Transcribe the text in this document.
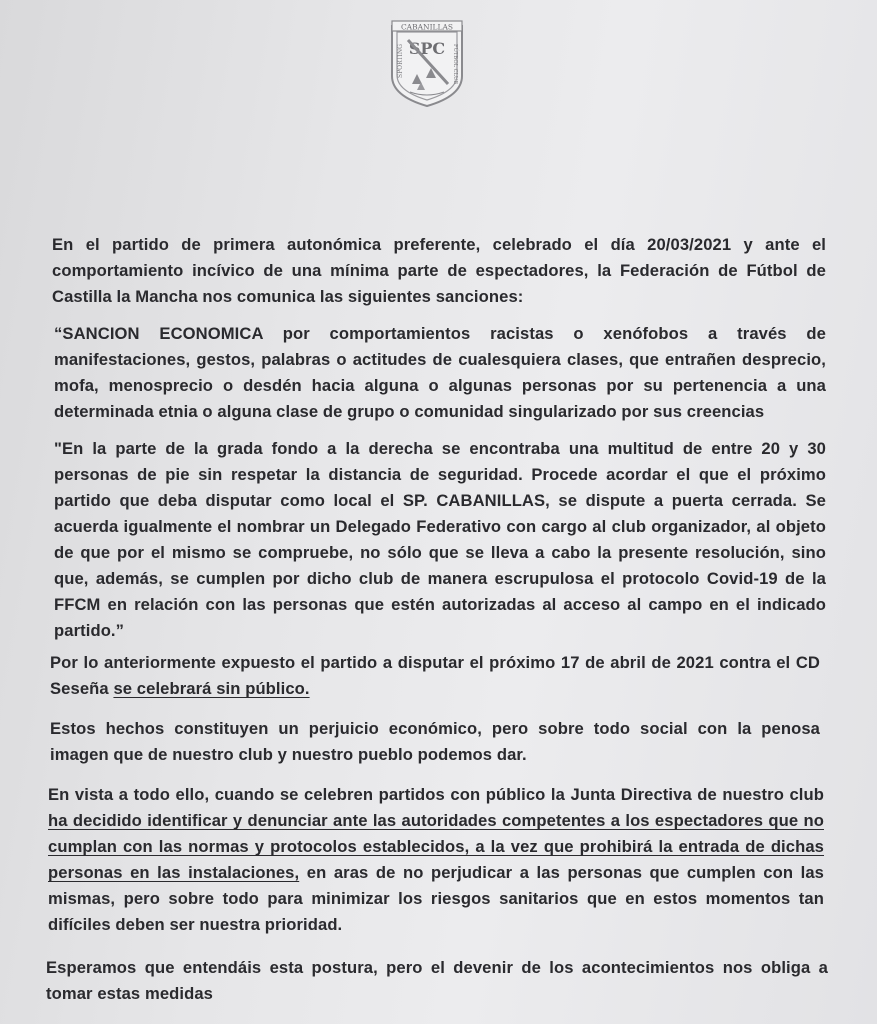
CABANILLAS
SPORTING	FÚTBOL CLUB
SPC
En el partido de primera autonómica preferente, celebrado el día 20/03/2021 y ante el comportamiento incívico de una mínima parte de espectadores, la Federación de Fútbol de Castilla la Mancha nos comunica las siguientes sanciones:
“SANCION ECONOMICA por comportamientos racistas o xenófobos a través de manifestaciones, gestos, palabras o actitudes de cualesquiera clases, que entrañen desprecio, mofa, menosprecio o desdén hacia alguna o algunas personas por su pertenencia a una determinada etnia o alguna clase de grupo o comunidad singularizado por sus creencias
"En la parte de la grada fondo a la derecha se encontraba una multitud de entre 20 y 30 personas de pie sin respetar la distancia de seguridad. Procede acordar el que el próximo partido que deba disputar como local el SP. CABANILLAS, se dispute a puerta cerrada. Se acuerda igualmente el nombrar un Delegado Federativo con cargo al club organizador, al objeto de que por el mismo se compruebe, no sólo que se lleva a cabo la presente resolución, sino que, además, se cumplen por dicho club de manera escrupulosa el protocolo Covid-19 de la FFCM en relación con las personas que estén autorizadas al acceso al campo en el indicado partido.”
Por lo anteriormente expuesto el partido a disputar el próximo 17 de abril de 2021 contra el CD Seseña se celebrará sin público.
Estos hechos constituyen un perjuicio económico, pero sobre todo social con la penosa imagen que de nuestro club y nuestro pueblo podemos dar.
En vista a todo ello, cuando se celebren partidos con público la Junta Directiva de nuestro club ha decidido identificar y denunciar ante las autoridades competentes a los espectadores que no cumplan con las normas y protocolos establecidos, a la vez que prohibirá la entrada de dichas personas en las instalaciones, en aras de no perjudicar a las personas que cumplen con las mismas, pero sobre todo para minimizar los riesgos sanitarios que en estos momentos tan difíciles deben ser nuestra prioridad.
Esperamos que entendáis esta postura, pero el devenir de los acontecimientos nos obliga a tomar estas medidas
